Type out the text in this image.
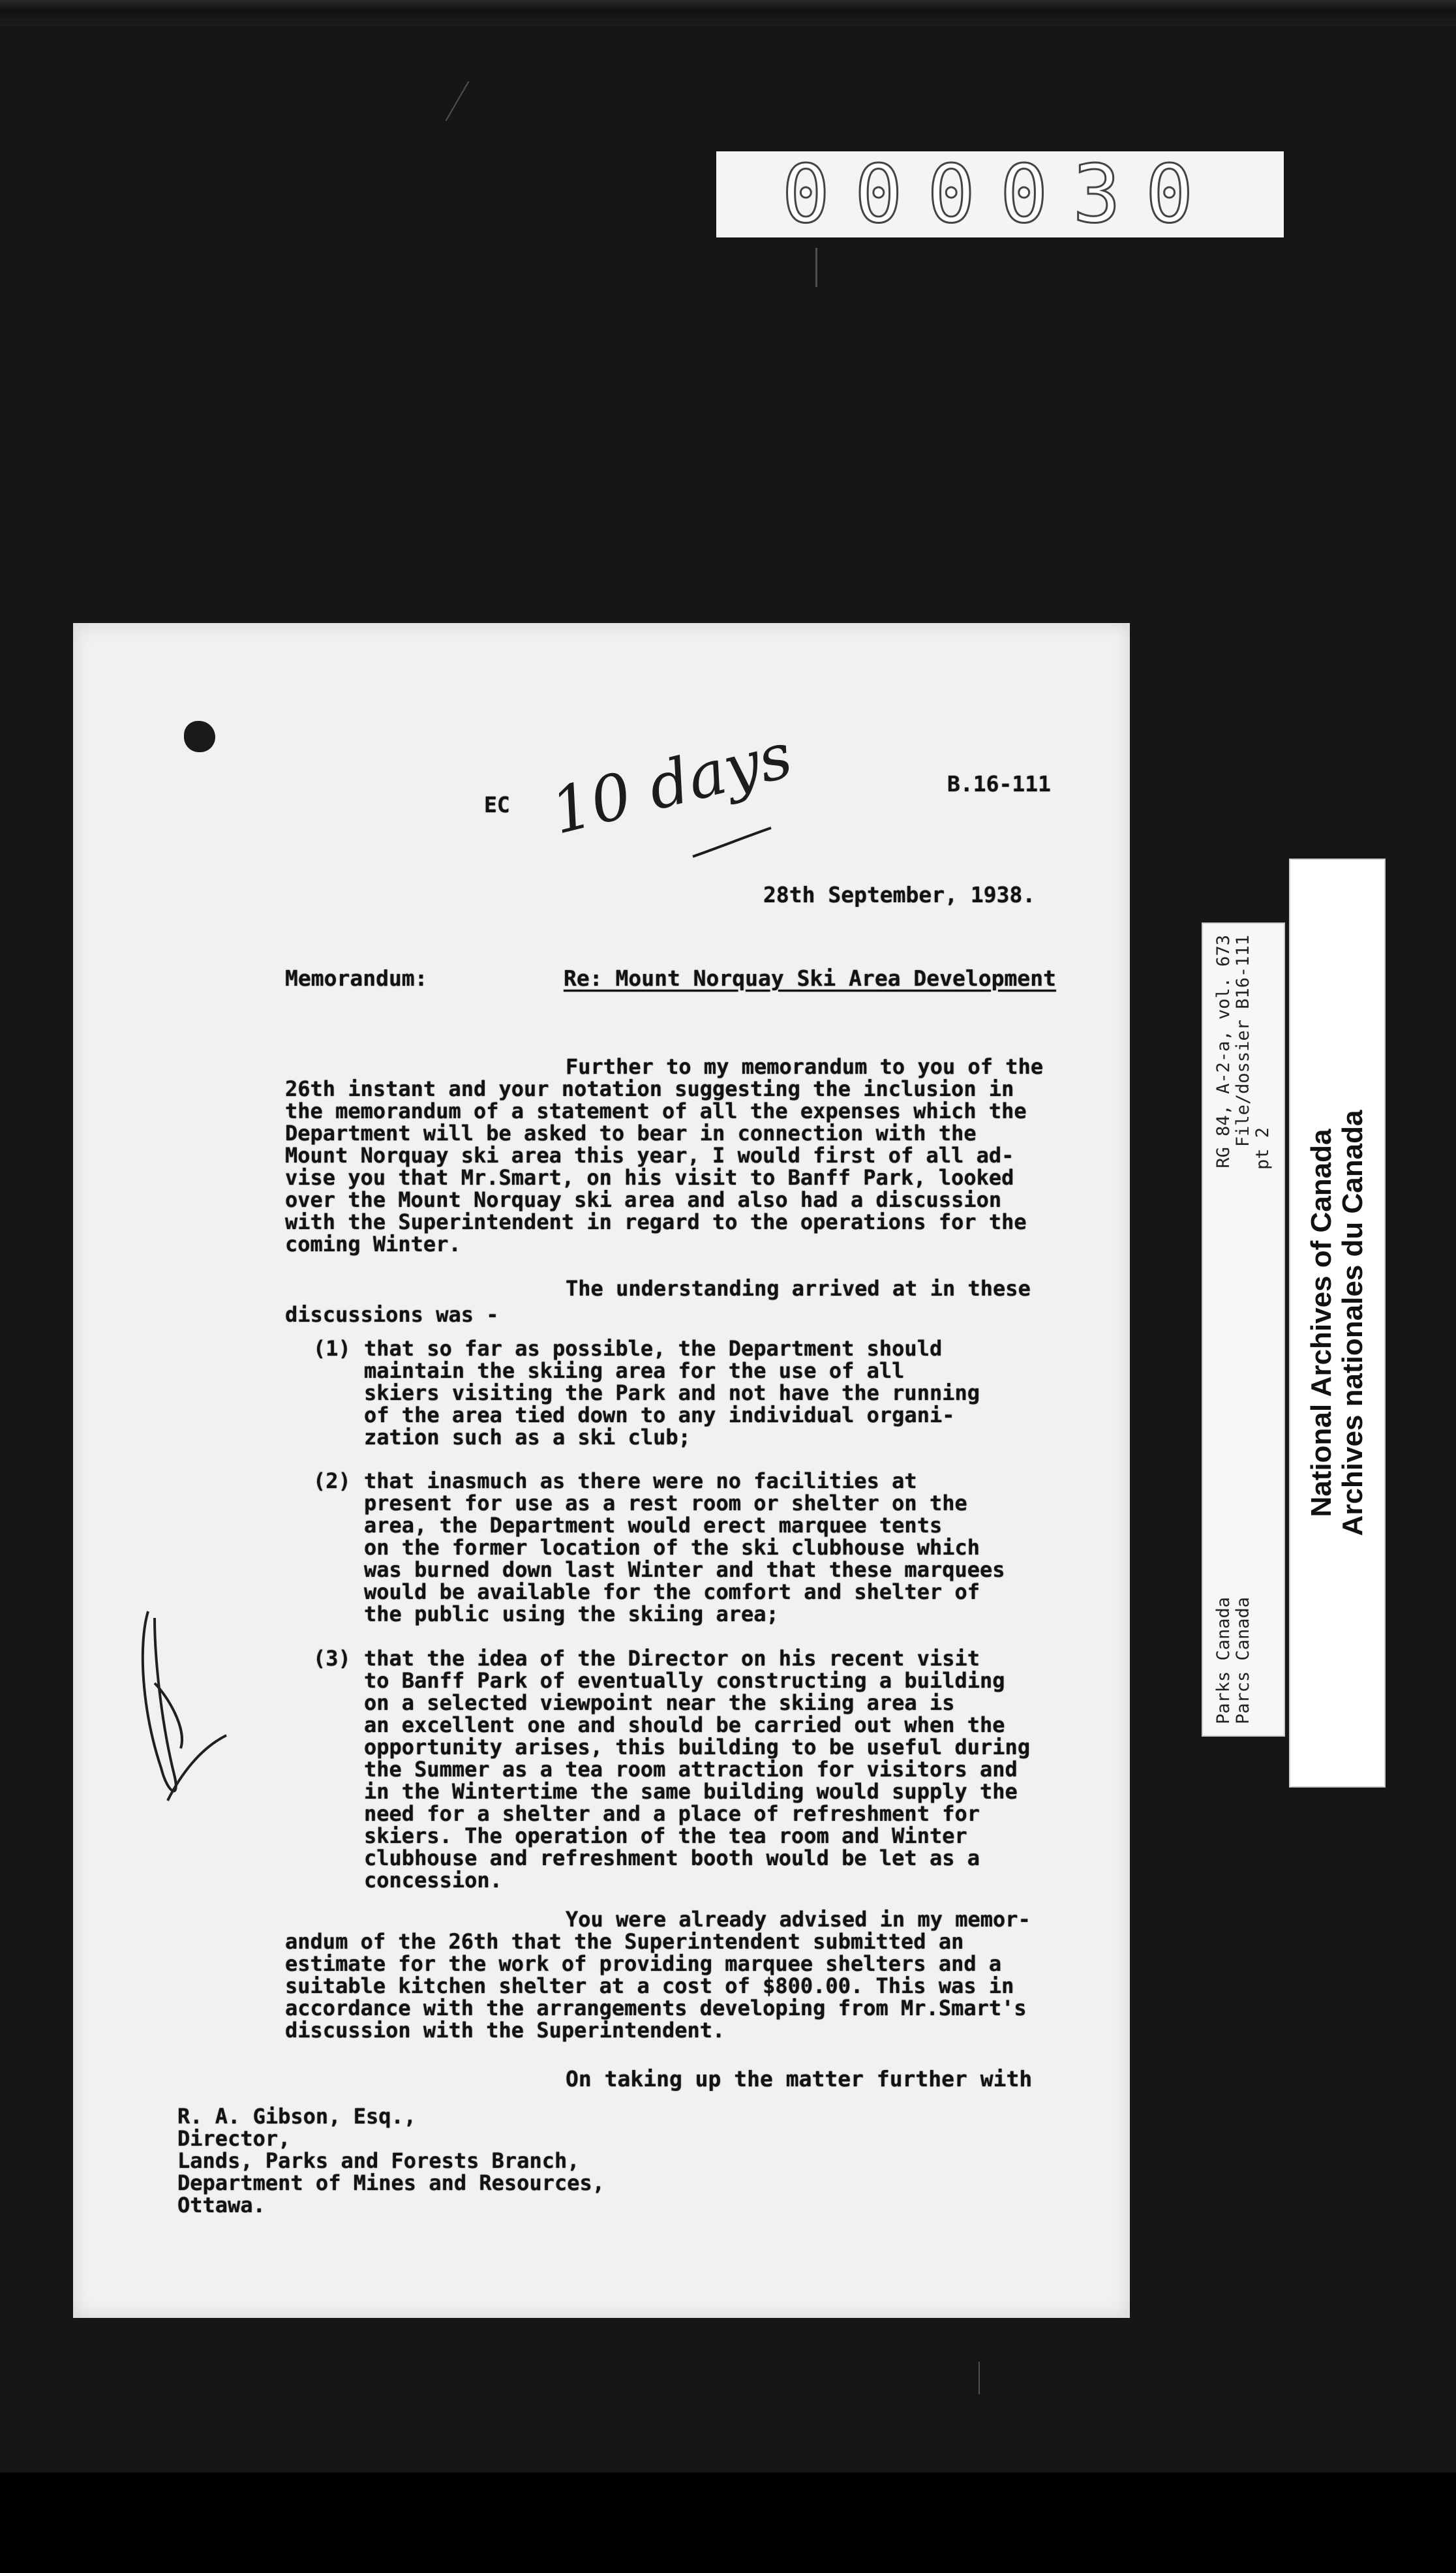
000030
EC 10 days	B.16-111
28th September, 1938.
Memorandum:	Re: Mount Norquay Ski Area Development

Further to my memorandum to you of the
26th instant and your notation suggesting the inclusion in
the memorandum of a statement of all the expenses which the
Department will be asked to bear in connection with the
Mount Norquay ski area this year, I would first of all ad-
vise you that Mr.Smart, on his visit to Banff Park, looked
over the Mount Norquay ski area and also had a discussion
with the Superintendent in regard to the operations for the
coming Winter.

The understanding arrived at in these
discussions was -

(1) that so far as possible, the Department should
maintain the skiing area for the use of all
skiers visiting the Park and not have the running
of the area tied down to any individual organi-
zation such as a ski club;

(2) that inasmuch as there were no facilities at
present for use as a rest room or shelter on the
area, the Department would erect marquee tents
on the former location of the ski clubhouse which
was burned down last Winter and that these marquees
would be available for the comfort and shelter of
the public using the skiing area;

(3) that the idea of the Director on his recent visit
to Banff Park of eventually constructing a building
on a selected viewpoint near the skiing area is
an excellent one and should be carried out when the
opportunity arises, this building to be useful during
the Summer as a tea room attraction for visitors and
in the Wintertime the same building would supply the
need for a shelter and a place of refreshment for
skiers. The operation of the tea room and Winter
clubhouse and refreshment booth would be let as a
concession.

You were already advised in my memor-
andum of the 26th that the Superintendent submitted an
estimate for the work of providing marquee shelters and a
suitable kitchen shelter at a cost of $800.00. This was in
accordance with the arrangements developing from Mr.Smart's
discussion with the Superintendent.

On taking up the matter further with
R. A. Gibson, Esq.,
Director,
Lands, Parks and Forests Branch,
Department of Mines and Resources,
Ottawa.
Parks Canada
RG 84, A-2-a, vol. 673
Parcs Canada
File/dossier B16-111
pt 2 National Archives of Canada Archives nationales du Canada
